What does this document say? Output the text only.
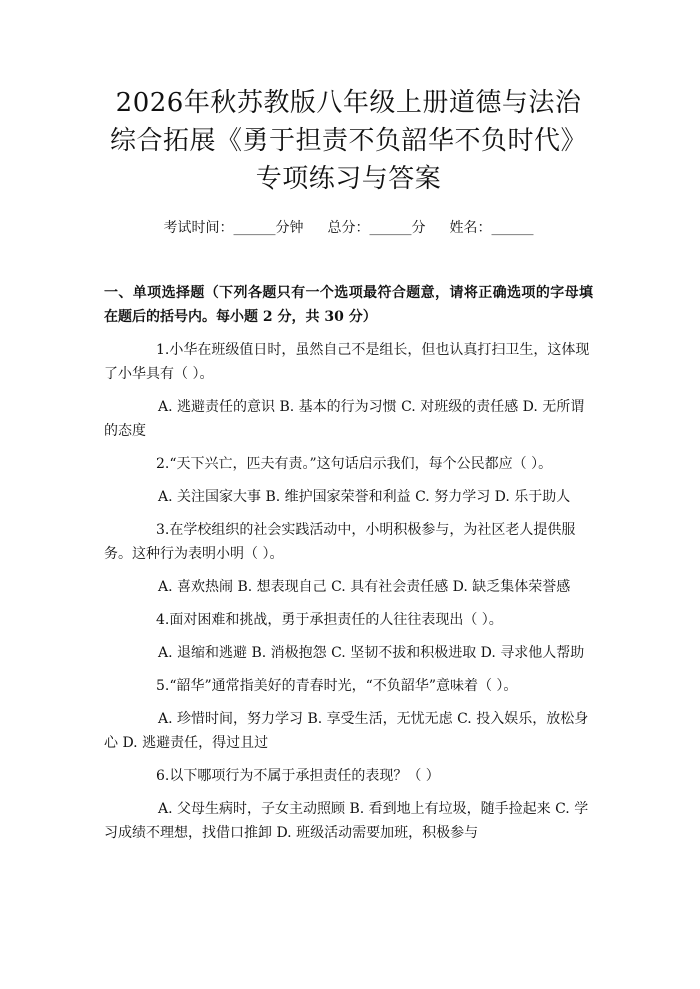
2026年秋苏教版八年级上册道德与法治综合拓展《勇于担责不负韶华不负时代》专项练习与答案
考试时间：______分钟 总分：______分 姓名：______
一、单项选择题（下列各题只有一个选项最符合题意，请将正确选项的字母填在题后的括号内。每小题 2 分，共 30 分）
1.小华在班级值日时，虽然自己不是组长，但也认真打扫卫生，这体现了小华具有（ ）。
A. 逃避责任的意识 B. 基本的行为习惯 C. 对班级的责任感 D. 无所谓的态度
2.“天下兴亡，匹夫有责。”这句话启示我们，每个公民都应（ ）。
A. 关注国家大事 B. 维护国家荣誉和利益 C. 努力学习 D. 乐于助人
3.在学校组织的社会实践活动中，小明积极参与，为社区老人提供服务。这种行为表明小明（ ）。
A. 喜欢热闹 B. 想表现自己 C. 具有社会责任感 D. 缺乏集体荣誉感
4.面对困难和挑战，勇于承担责任的人往往表现出（ ）。
A. 退缩和逃避 B. 消极抱怨 C. 坚韧不拔和积极进取 D. 寻求他人帮助
5.“韶华”通常指美好的青春时光，“不负韶华”意味着（ ）。
A. 珍惜时间，努力学习 B. 享受生活，无忧无虑 C. 投入娱乐，放松身心 D. 逃避责任，得过且过
6.以下哪项行为不属于承担责任的表现？（ ）
A. 父母生病时，子女主动照顾 B. 看到地上有垃圾，随手捡起来 C. 学习成绩不理想，找借口推卸 D. 班级活动需要加班，积极参与
